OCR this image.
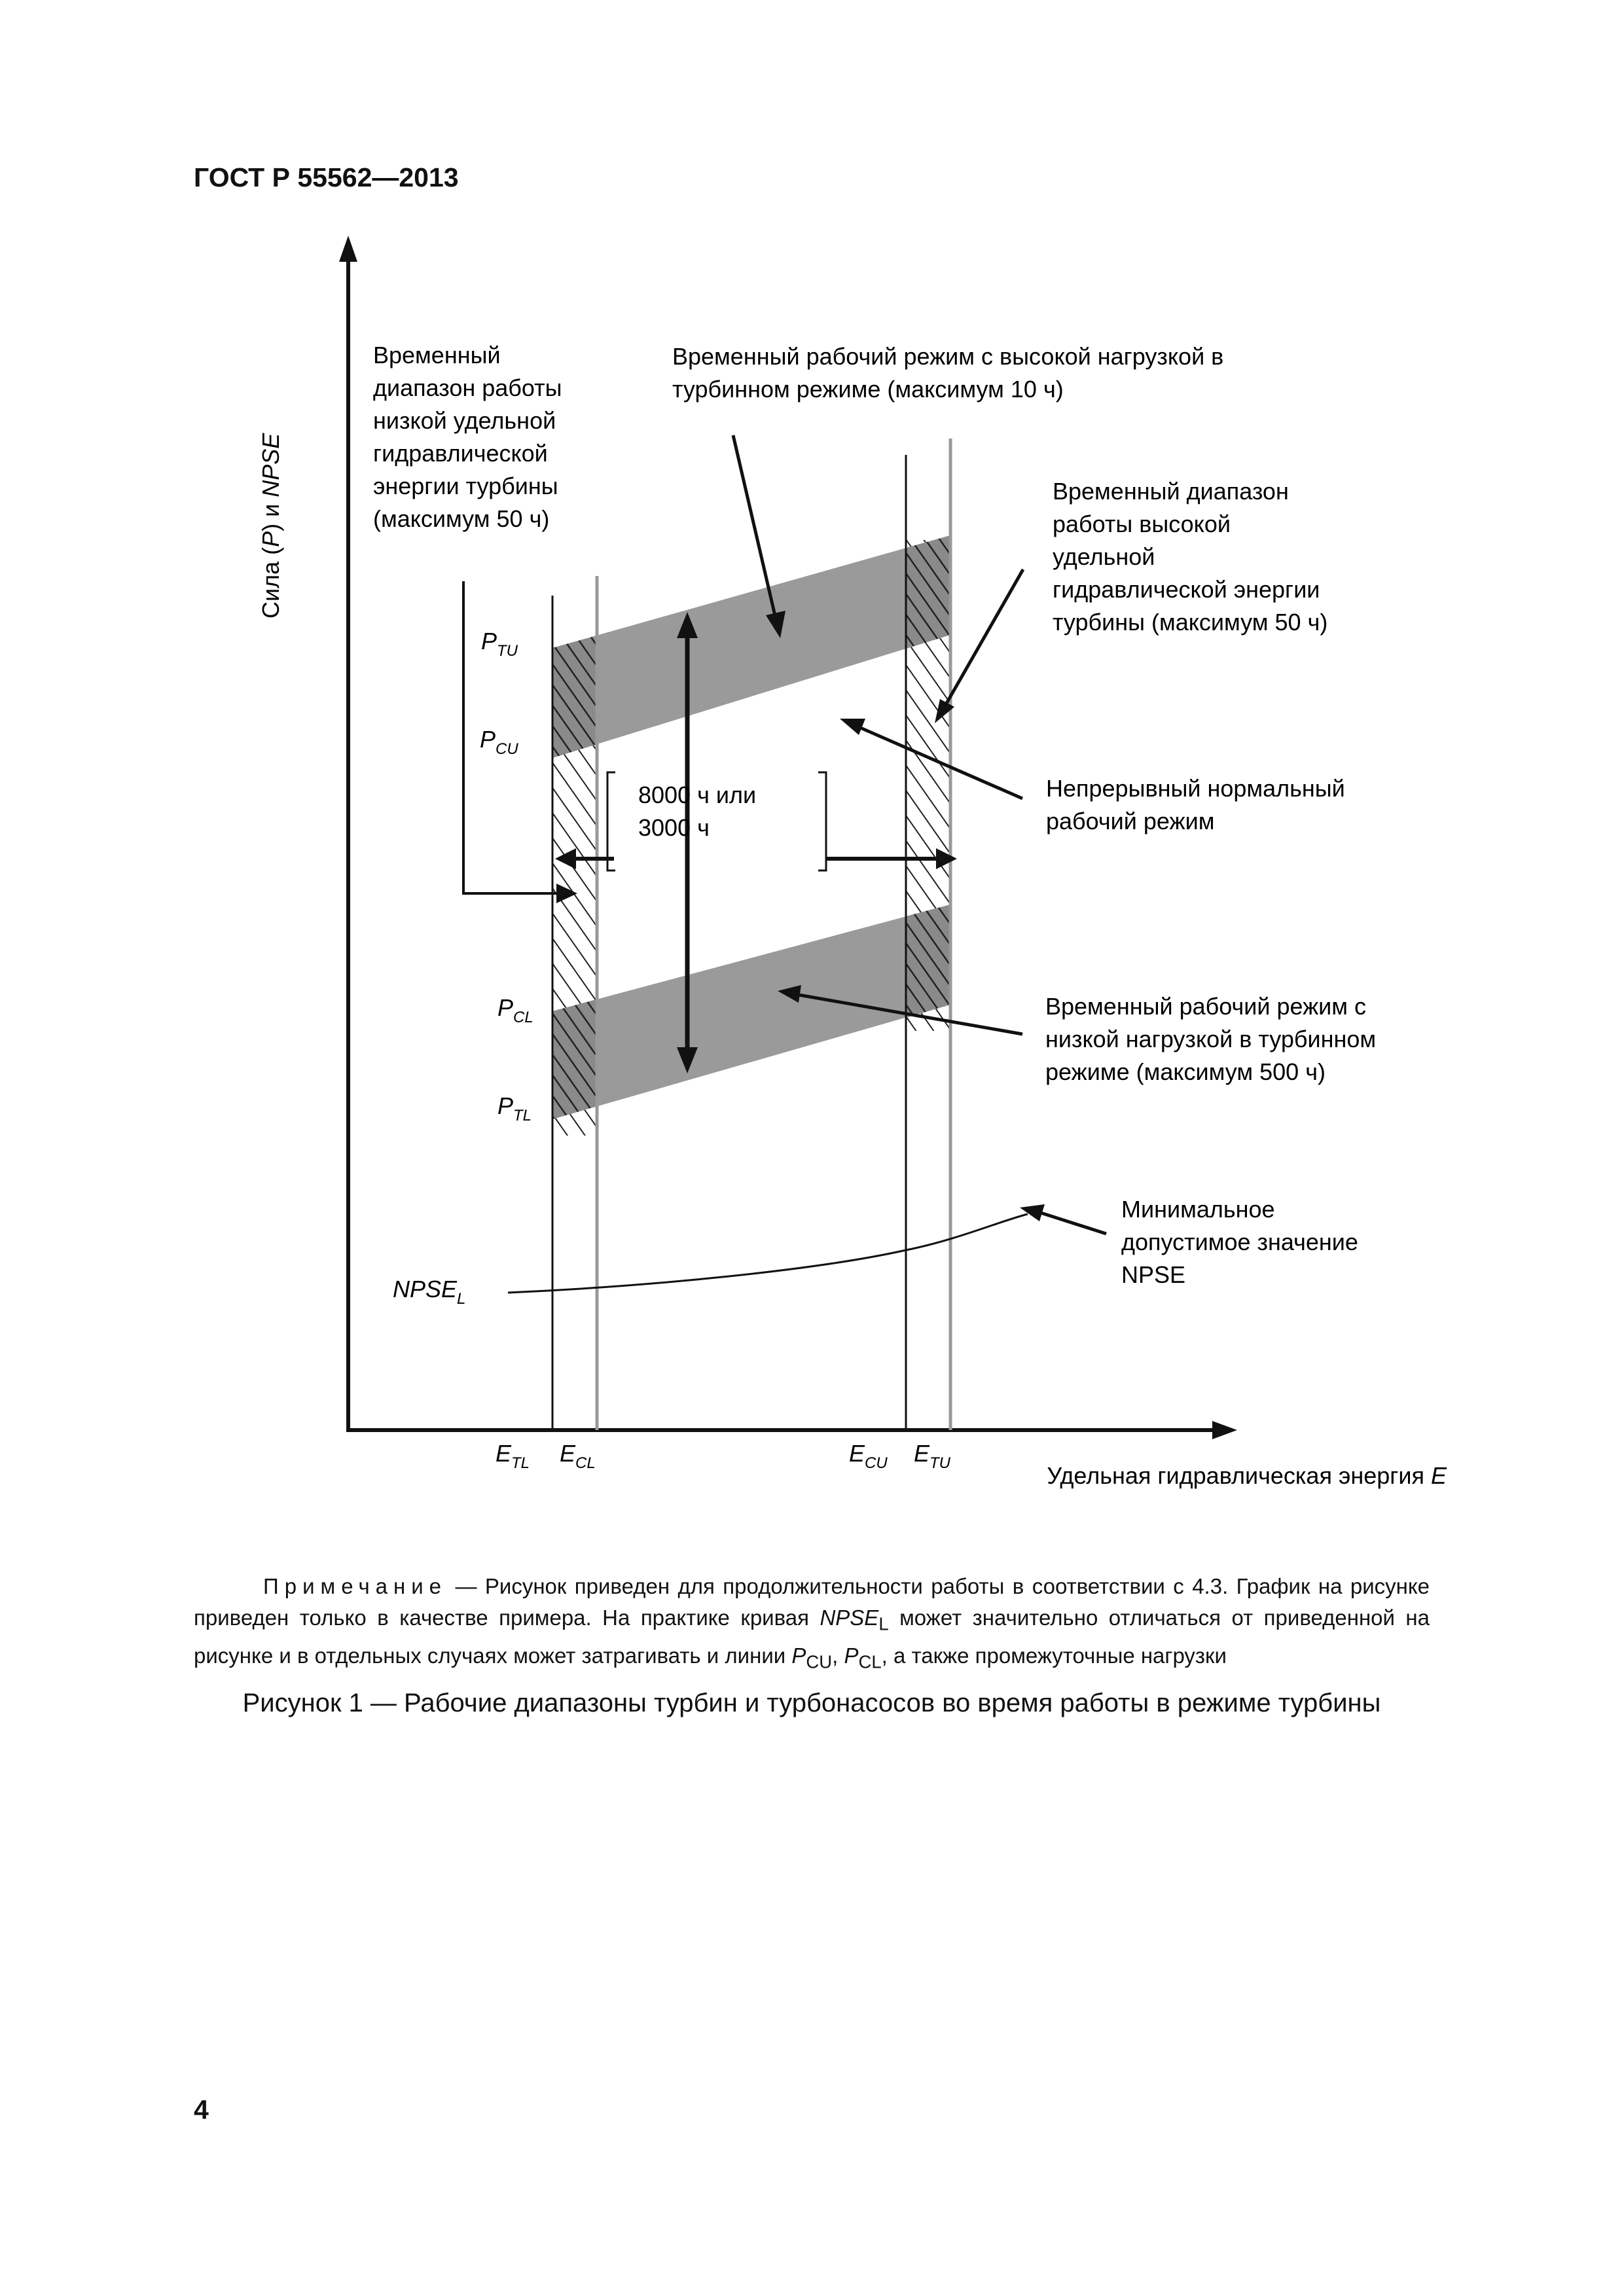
ГОСТ Р 55562—2013

Сила (P) и NPSE
$P_{TU}$
$P_{CU}$
$P_{CL}$
$P_{TL}$
$NPSE_L$
$E_{TL}$ $E_{CL}$	$E_{CU}$ $E_{TU}$	Удельная гидравлическая энергия E
Временный диапазон работы низкой удельной гидравлической энергии турбины (максимум 50 ч)
Временный рабочий режим с высокой нагрузкой в турбинном режиме (максимум 10 ч)
Временный диапазон работы высокой удельной гидравлической энергии турбины (максимум 50 ч)
Непрерывный нормальный рабочий режим
8000 ч или 3000 ч
Временный рабочий режим с низкой нагрузкой в турбинном режиме (максимум 500 ч)
Минимальное допустимое значение NPSE

Примечание — Рисунок приведен для продолжительности работы в соответствии с 4.3. График на рисунке приведен только в качестве примера. На практике кривая $NPSE_L$ может значительно отличаться от приведенной на рисунке и в отдельных случаях может затрагивать и линии $P_{CU}$, $P_{CL}$, а также промежуточные нагрузки

Рисунок 1 — Рабочие диапазоны турбин и турбонасосов во время работы в режиме турбины

4
